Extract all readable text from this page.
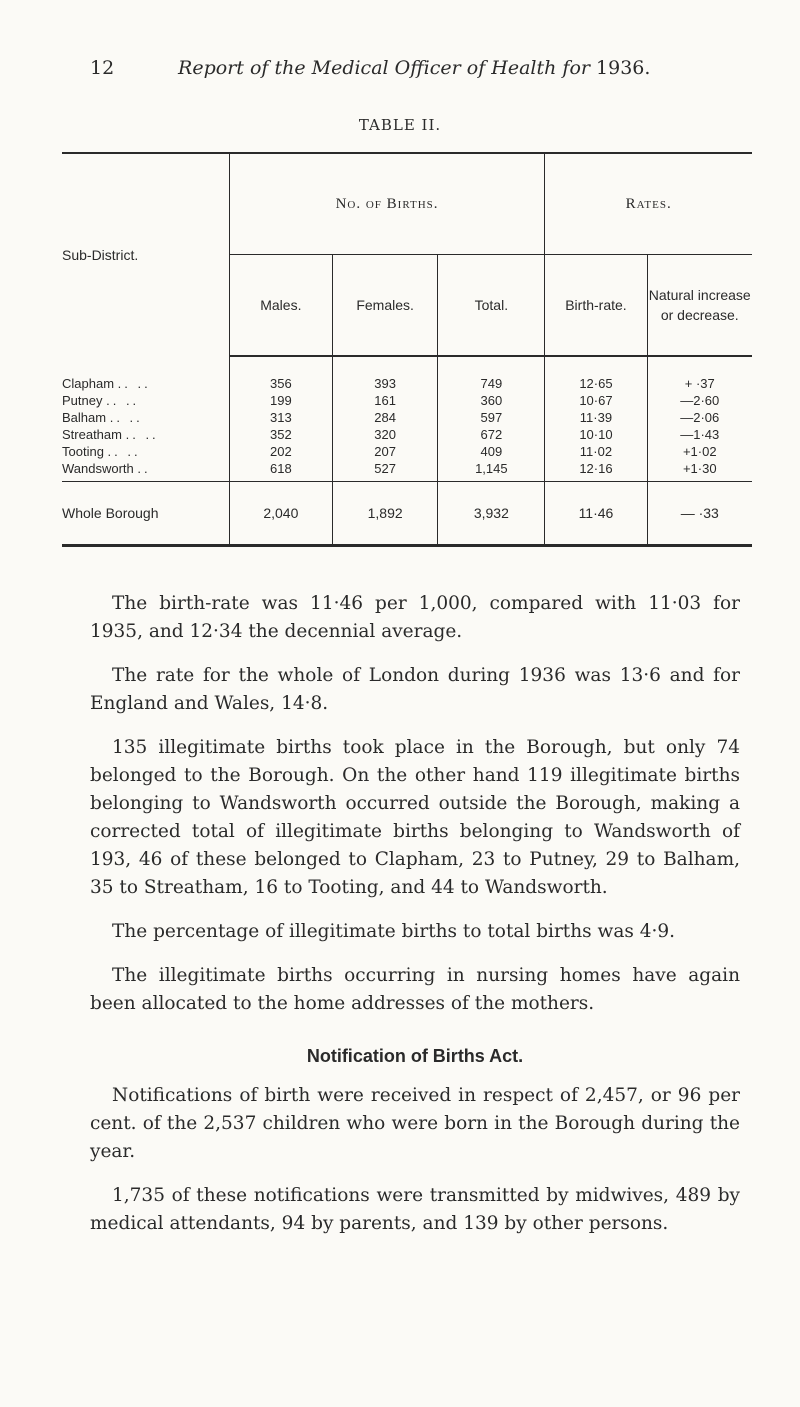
12	Report of the Medical Officer of Health for 1936.
TABLE II.
Sub-District.	No. of Births.			Rates.	
	Males.	Females.	Total.	Birth-rate.	Natural increase or decrease.
Clapham .. ..	356	393	749	12·65	+ ·37
Putney .. ..	199	161	360	10·67	—2·60
Balham .. ..	313	284	597	11·39	—2·06
Streatham .. ..	352	320	672	10·10	—1·43
Tooting .. ..	202	207	409	11·02	+1·02
Wandsworth ..	618	527	1,145	12·16	+1·30
Whole Borough	2,040	1,892	3,932	11·46	— ·33

The birth-rate was 11·46 per 1,000, compared with 11·03 for 1935, and 12·34 the decennial average.

The rate for the whole of London during 1936 was 13·6 and for England and Wales, 14·8.

135 illegitimate births took place in the Borough, but only 74 belonged to the Borough. On the other hand 119 illegitimate births belonging to Wandsworth occurred outside the Borough, making a corrected total of illegitimate births belonging to Wandsworth of 193, 46 of these belonged to Clapham, 23 to Putney, 29 to Balham, 35 to Streatham, 16 to Tooting, and 44 to Wandsworth.

The percentage of illegitimate births to total births was 4·9.

The illegitimate births occurring in nursing homes have again been allocated to the home addresses of the mothers.

Notification of Births Act.

Notifications of birth were received in respect of 2,457, or 96 per cent. of the 2,537 children who were born in the Borough during the year.

1,735 of these notifications were transmitted by midwives, 489 by medical attendants, 94 by parents, and 139 by other persons.
